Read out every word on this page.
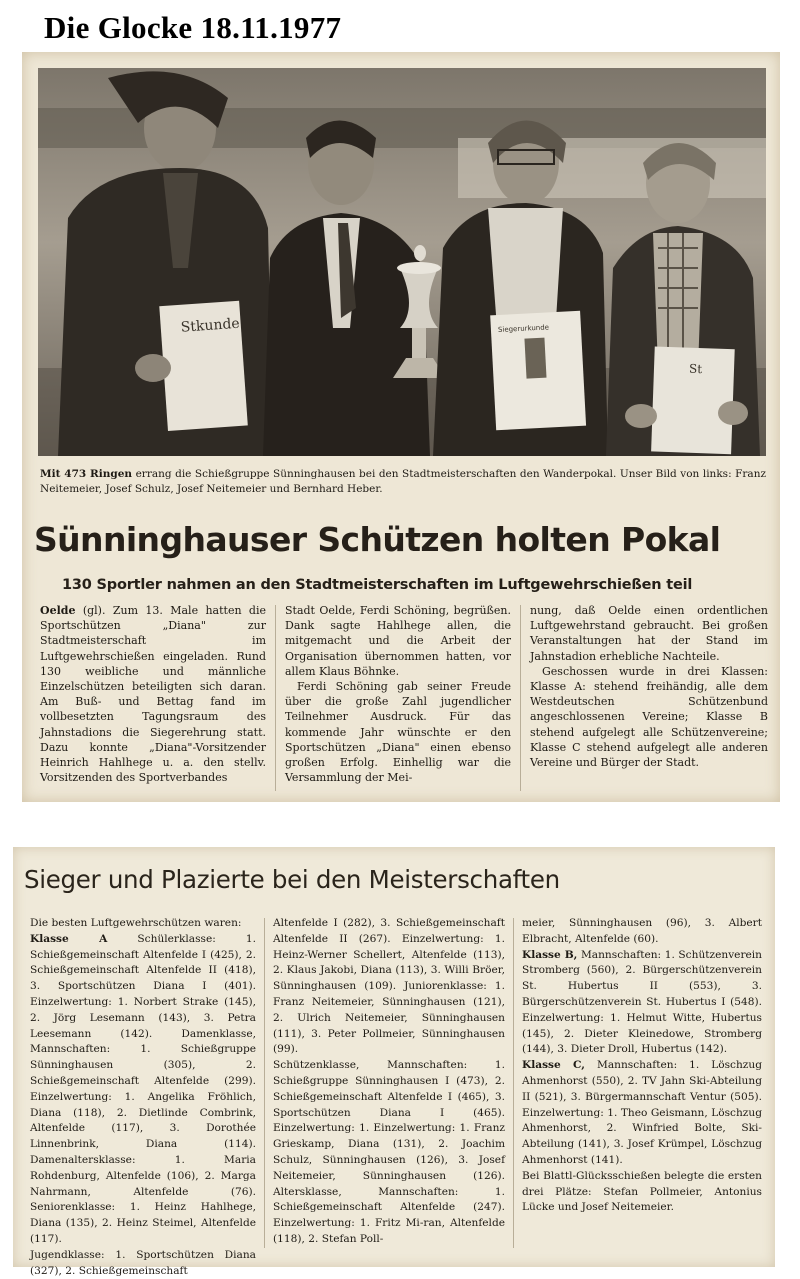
Die Glocke 18.11.1977
Stkunde	Siegerurkunde
St
Mit 473 Ringen errang die Schießgruppe Sünninghausen bei den Stadtmeisterschaften den Wanderpokal. Unser Bild von links: Franz Neitemeier, Josef Schulz, Josef Neitemeier und Bernhard Heber.
Sünninghauser Schützen holten Pokal
130 Sportler nahmen an den Stadtmeisterschaften im Luftgewehrschießen teil

Oelde (gl). Zum 13. Male hatten die Sportschützen „Diana" zur Stadtmeisterschaft im Luftgewehrschießen eingeladen. Rund 130 weibliche und männliche Einzelschützen beteiligten sich daran. Am Buß- und Bettag fand im vollbesetzten Tagungsraum des Jahnstadions die Siegerehrung statt. Dazu konnte „Diana"-Vorsitzender Heinrich Hahlhege u. a. den stellv. Vorsitzenden des Sportverbandes

Stadt Oelde, Ferdi Schöning, begrüßen. Dank sagte Hahlhege allen, die mitgemacht und die Arbeit der Organisation übernommen hatten, vor allem Klaus Böhnke.

Ferdi Schöning gab seiner Freude über die große Zahl jugendlicher Teilnehmer Ausdruck. Für das kommende Jahr wünschte er den Sportschützen „Diana" einen ebenso großen Erfolg. Einhellig war die Versammlung der Mei-

nung, daß Oelde einen ordentlichen Luftgewehrstand gebraucht. Bei großen Veranstaltungen hat der Stand im Jahnstadion erhebliche Nachteile.

Geschossen wurde in drei Klassen: Klasse A: stehend freihändig, alle dem Westdeutschen Schützenbund angeschlossenen Vereine; Klasse B stehend aufgelegt alle Schützenvereine; Klasse C stehend aufgelegt alle anderen Vereine und Bürger der Stadt.

Sieger und Plazierte bei den Meisterschaften

Die besten Luftgewehrschützen waren:

Klasse A Schülerklasse: 1. Schießgemeinschaft Altenfelde I (425), 2. Schießgemeinschaft Altenfelde II (418), 3. Sportschützen Diana I (401). Einzelwertung: 1. Norbert Strake (145), 2. Jörg Lesemann (143), 3. Petra Leesemann (142). Damenklasse, Mannschaften: 1. Schießgruppe Sünninghausen (305), 2. Schießgemeinschaft Altenfelde (299). Einzelwertung: 1. Angelika Fröhlich, Diana (118), 2. Dietlinde Combrink, Altenfelde (117), 3. Dorothée Linnenbrink, Diana (114). Damenaltersklasse: 1. Maria Rohdenburg, Altenfelde (106), 2. Marga Nahrmann, Altenfelde (76). Seniorenklasse: 1. Heinz Hahlhege, Diana (135), 2. Heinz Steimel, Altenfelde (117).

Jugendklasse: 1. Sportschützen Diana (327), 2. Schießgemeinschaft

Altenfelde I (282), 3. Schießgemeinschaft Altenfelde II (267). Einzelwertung: 1. Heinz-Werner Schellert, Altenfelde (113), 2. Klaus Jakobi, Diana (113), 3. Willi Bröer, Sünninghausen (109). Juniorenklasse: 1. Franz Neitemeier, Sünninghausen (121), 2. Ulrich Neitemeier, Sünninghausen (111), 3. Peter Pollmeier, Sünninghausen (99).

Schützenklasse, Mannschaften: 1. Schießgruppe Sünninghausen I (473), 2. Schießgemeinschaft Altenfelde I (465), 3. Sportschützen Diana I (465). Einzelwertung: 1. Einzelwertung: 1. Franz Grieskamp, Diana (131), 2. Joachim Schulz, Sünninghausen (126), 3. Josef Neitemeier, Sünninghausen (126). Altersklasse, Mannschaften: 1. Schießgemeinschaft Altenfelde (247). Einzelwertung: 1. Fritz Mi-ran, Altenfelde (118), 2. Stefan Poll-

meier, Sünninghausen (96), 3. Albert Elbracht, Altenfelde (60).

Klasse B, Mannschaften: 1. Schützenverein Stromberg (560), 2. Bürgerschützenverein St. Hubertus II (553), 3. Bürgerschützenverein St. Hubertus I (548). Einzelwertung: 1. Helmut Witte, Hubertus (145), 2. Dieter Kleinedowe, Stromberg (144), 3. Dieter Droll, Hubertus (142).

Klasse C, Mannschaften: 1. Löschzug Ahmenhorst (550), 2. TV Jahn Ski-Abteilung II (521), 3. Bürgermannschaft Ventur (505). Einzelwertung: 1. Theo Geismann, Löschzug Ahmenhorst, 2. Winfried Bolte, Ski-Abteilung (141), 3. Josef Krümpel, Löschzug Ahmenhorst (141).

Bei Blattl-Glücksschießen belegte die ersten drei Plätze: Stefan Pollmeier, Antonius Lücke und Josef Neitemeier.
